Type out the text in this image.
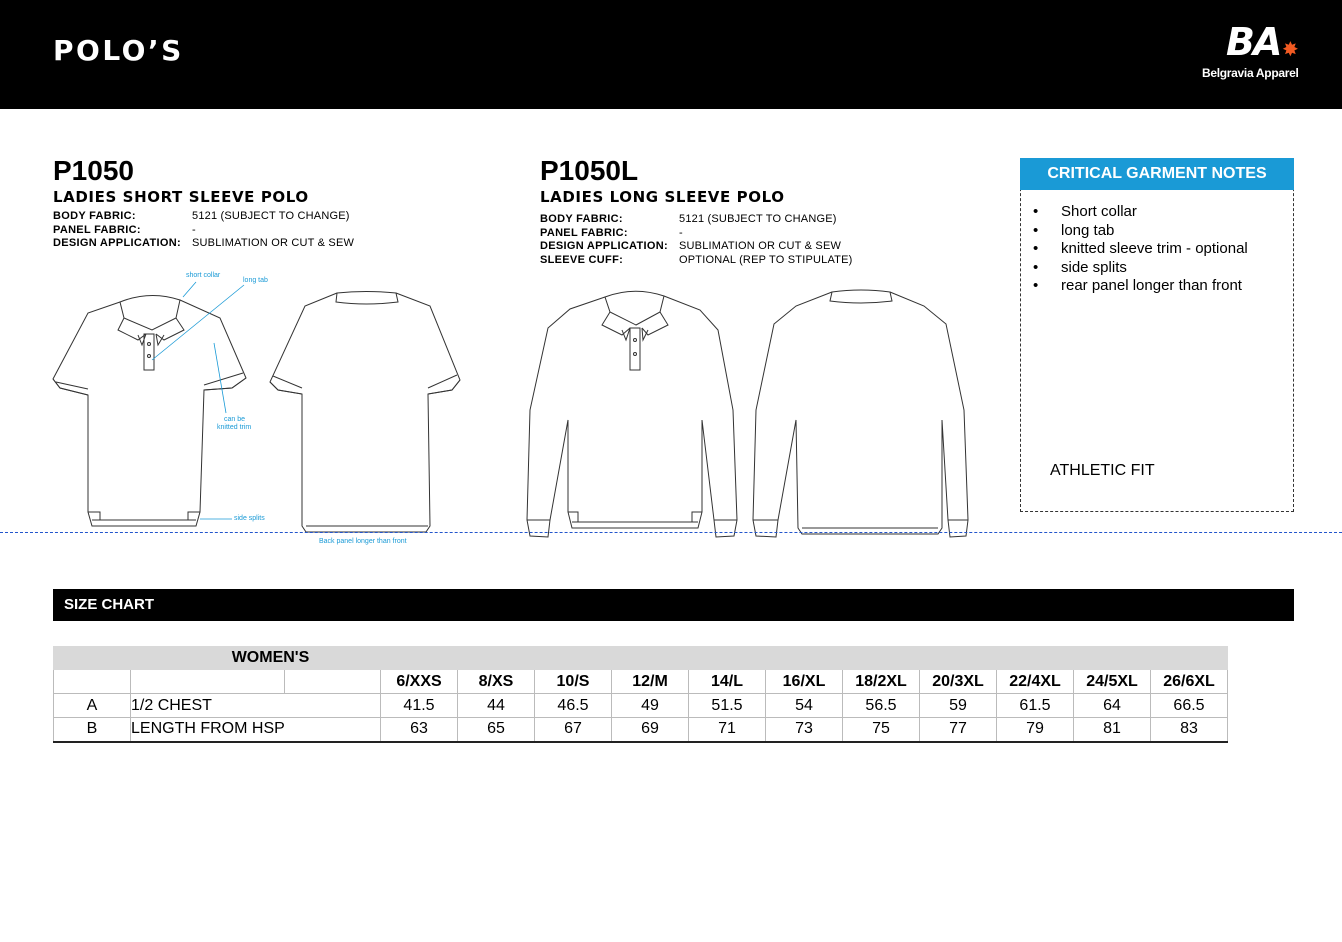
POLO’S	BA ✸
Belgravia Apparel
P1050
LADIES SHORT SLEEVE POLO
BODY FABRIC:	5121 (SUBJECT TO CHANGE)
PANEL FABRIC:	-
DESIGN APPLICATION:	SUBLIMATION OR CUT & SEW
P1050L
LADIES LONG SLEEVE POLO
BODY FABRIC:	5121 (SUBJECT TO CHANGE)
PANEL FABRIC:	-
DESIGN APPLICATION:	SUBLIMATION OR CUT & SEW
SLEEVE CUFF:	OPTIONAL (REP TO STIPULATE)
short collar
long tab
can be
knitted trim
side splits
Back panel longer than front
CRITICAL GARMENT NOTES
•	Short collar
•	long tab
•	knitted sleeve trim - optional
•	side splits
•	rear panel longer than front
ATHLETIC FIT
SIZE CHART
WOMEN'S													
			6/XXS	8/XS	10/S	12/M	14/L	16/XL	18/2XL	20/3XL	22/4XL	24/5XL	26/6XL
A	1/2 CHEST		41.5	44	46.5	49	51.5	54	56.5	59	61.5	64	66.5
B	LENGTH FROM HSP		63	65	67	69	71	73	75	77	79	81	83
